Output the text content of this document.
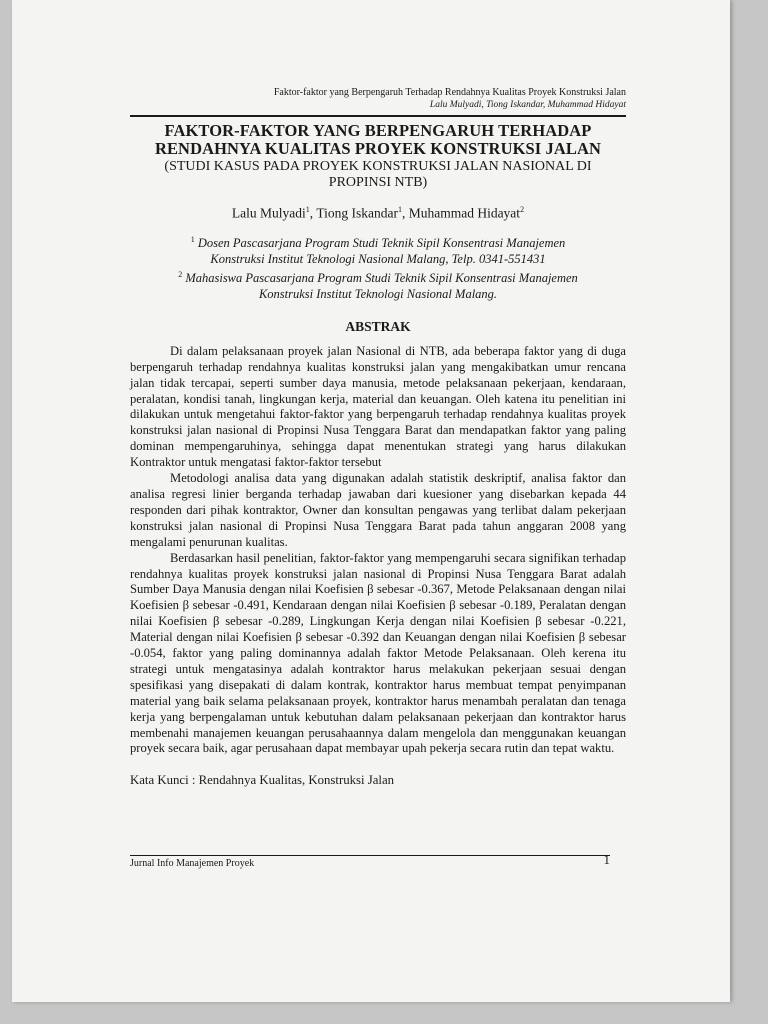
Faktor-faktor yang Berpengaruh Terhadap Rendahnya Kualitas Proyek Konstruksi Jalan
Lalu Mulyadi, Tiong Iskandar, Muhammad Hidayat
FAKTOR-FAKTOR YANG BERPENGARUH TERHADAP
RENDAHNYA KUALITAS PROYEK KONSTRUKSI JALAN
(STUDI KASUS PADA PROYEK KONSTRUKSI JALAN NASIONAL DI
PROPINSI NTB)
Lalu Mulyadi$^1$, Tiong Iskandar$^1$, Muhammad Hidayat$^2$
$^1$ Dosen Pascasarjana Program Studi Teknik Sipil Konsentrasi Manajemen
Konstruksi Institut Teknologi Nasional Malang, Telp. 0341-551431
$^2$ Mahasiswa Pascasarjana Program Studi Teknik Sipil Konsentrasi Manajemen
Konstruksi Institut Teknologi Nasional Malang.
ABSTRAK

Di dalam pelaksanaan proyek jalan Nasional di NTB, ada beberapa faktor yang di duga berpengaruh terhadap rendahnya kualitas konstruksi jalan yang mengakibatkan umur rencana jalan tidak tercapai, seperti sumber daya manusia, metode pelaksanaan pekerjaan, kendaraan, peralatan, kondisi tanah, lingkungan kerja, material dan keuangan. Oleh katena itu penelitian ini dilakukan untuk mengetahui faktor-faktor yang berpengaruh terhadap rendahnya kualitas proyek konstruksi jalan nasional di Propinsi Nusa Tenggara Barat dan mendapatkan faktor yang paling dominan mempengaruhinya, sehingga dapat menentukan strategi yang harus dilakukan Kontraktor untuk mengatasi faktor-faktor tersebut

Metodologi analisa data yang digunakan adalah statistik deskriptif, analisa faktor dan analisa regresi linier berganda terhadap jawaban dari kuesioner yang disebarkan kepada 44 responden dari pihak kontraktor, Owner dan konsultan pengawas yang terlibat dalam pekerjaan konstruksi jalan nasional di Propinsi Nusa Tenggara Barat pada tahun anggaran 2008 yang mengalami penurunan kualitas.

Berdasarkan hasil penelitian, faktor-faktor yang mempengaruhi secara signifikan terhadap rendahnya kualitas proyek konstruksi jalan nasional di Propinsi Nusa Tenggara Barat adalah Sumber Daya Manusia dengan nilai Koefisien β sebesar -0.367, Metode Pelaksanaan dengan nilai Koefisien β sebesar -0.491, Kendaraan dengan nilai Koefisien β sebesar -0.189, Peralatan dengan nilai Koefisien β sebesar -0.289, Lingkungan Kerja dengan nilai Koefisien β sebesar -0.221, Material dengan nilai Koefisien β sebesar -0.392 dan Keuangan dengan nilai Koefisien β sebesar -0.054, faktor yang paling dominannya adalah faktor Metode Pelaksanaan. Oleh kerena itu strategi untuk mengatasinya adalah kontraktor harus melakukan pekerjaan sesuai dengan spesifikasi yang disepakati di dalam kontrak, kontraktor harus membuat tempat penyimpanan material yang baik selama pelaksanaan proyek, kontraktor harus menambah peralatan dan tenaga kerja yang berpengalaman untuk kebutuhan dalam pelaksanaan pekerjaan dan kontraktor harus membenahi manajemen keuangan perusahaannya dalam mengelola dan menggunakan keuangan proyek secara baik, agar perusahaan dapat membayar upah pekerja secara rutin dan tepat waktu.

Kata Kunci : Rendahnya Kualitas, Konstruksi Jalan
Jurnal Info Manajemen Proyek	1
